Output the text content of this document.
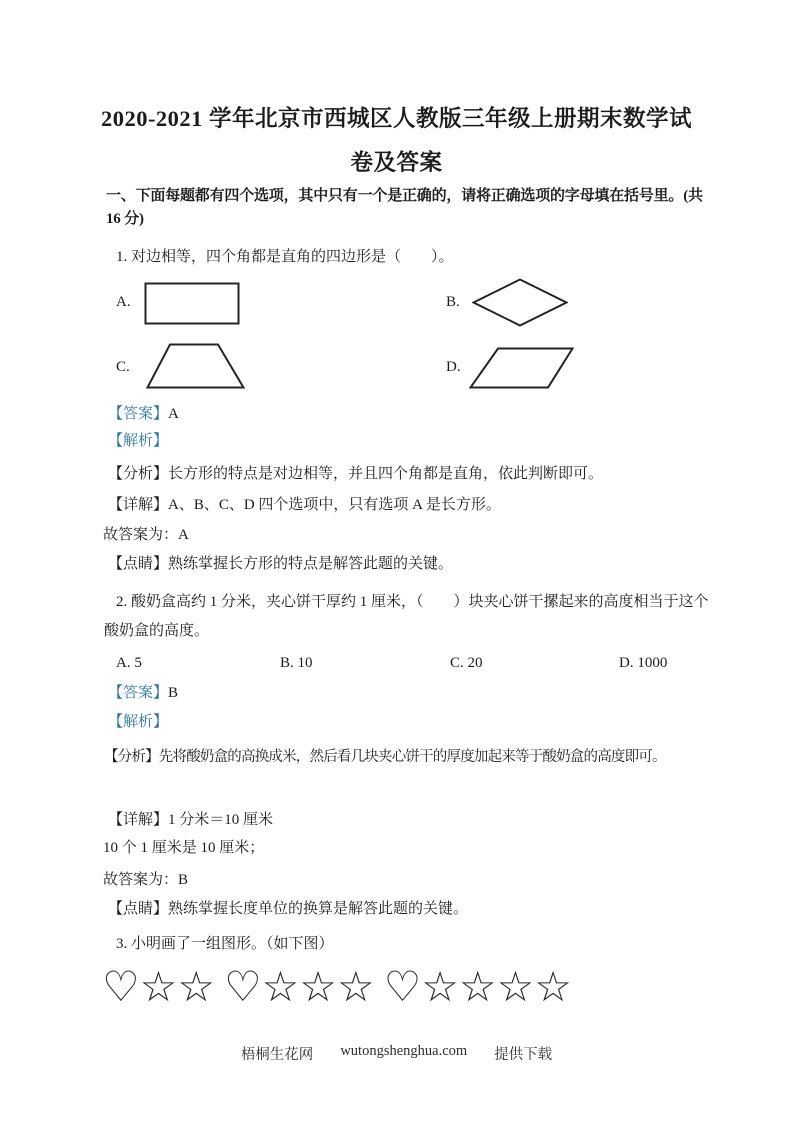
2020-2021 学年北京市西城区人教版三年级上册期末数学试
卷及答案
一、下面每题都有四个选项，其中只有一个是正确的，请将正确选项的字母填在括号里。(共
16 分)
1. 对边相等，四个角都是直角的四边形是（　　）。
A.	B.
C.	D.
【答案】A
【解析】
【分析】长方形的特点是对边相等，并且四个角都是直角，依此判断即可。
【详解】A、B、C、D 四个选项中，只有选项 A 是长方形。
故答案为：A
【点睛】熟练掌握长方形的特点是解答此题的关键。
2. 酸奶盒高约 1 分米，夹心饼干厚约 1 厘米，（　　）块夹心饼干摞起来的高度相当于这个
酸奶盒的高度。
A. 5	B. 10	C. 20	D. 1000
【答案】B
【解析】
【分析】先将酸奶盒的高换成米，然后看几块夹心饼干的厚度加起来等于酸奶盒的高度即可。
【详解】1 分米＝10 厘米
10 个 1 厘米是 10 厘米；
故答案为：B
【点睛】熟练掌握长度单位的换算是解答此题的关键。
3. 小明画了一组图形。（如下图）
♡☆☆ ♡☆☆☆ ♡☆☆☆☆
梧桐生花网 wutongshenghua.com 提供下载
